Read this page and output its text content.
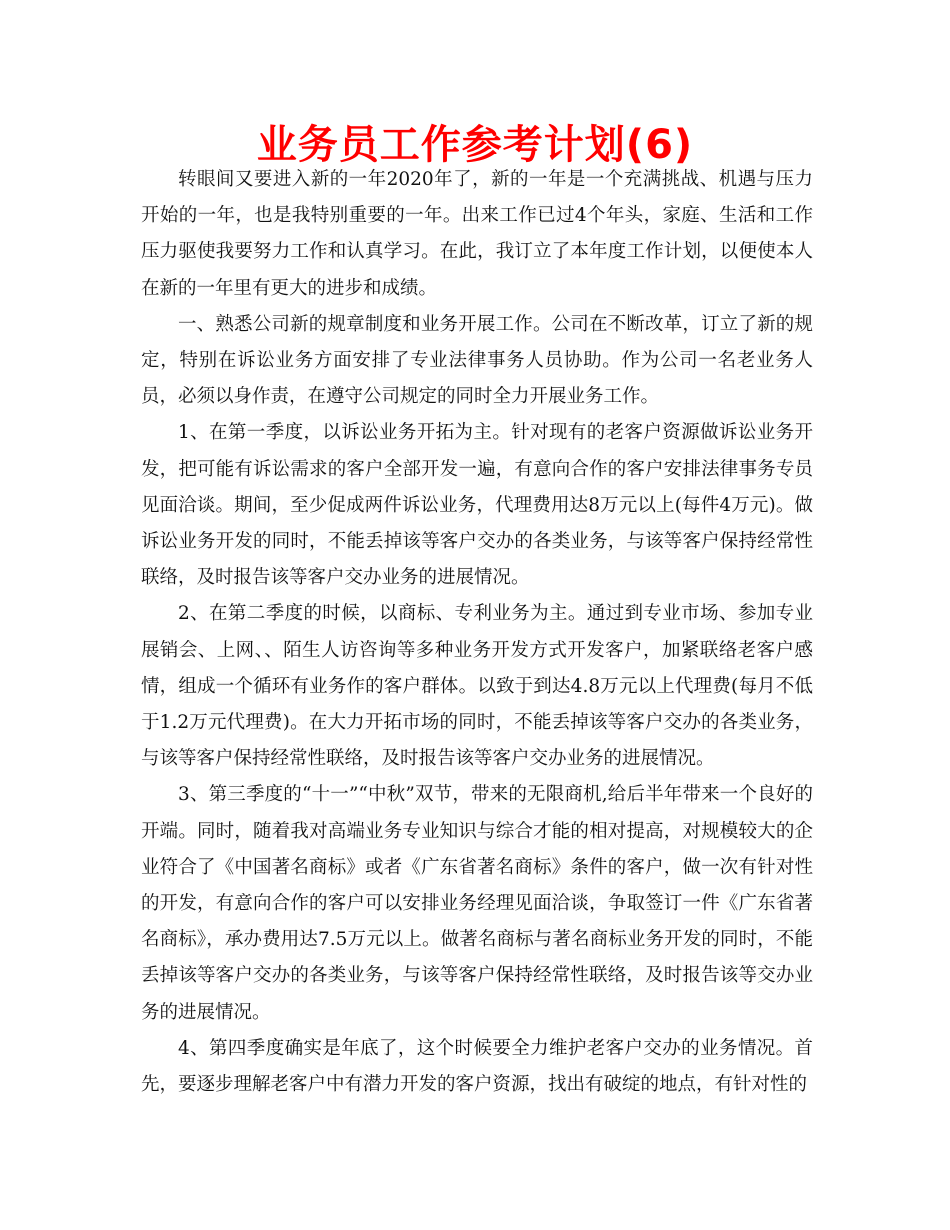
业务员工作参考计划(6)

转眼间又要进入新的一年2020年了，新的一年是一个充满挑战、机遇与压力开始的一年，也是我特别重要的一年。出来工作已过4个年头，家庭、生活和工作压力驱使我要努力工作和认真学习。在此，我订立了本年度工作计划，以便使本人在新的一年里有更大的进步和成绩。

一、熟悉公司新的规章制度和业务开展工作。公司在不断改革，订立了新的规定，特别在诉讼业务方面安排了专业法律事务人员协助。作为公司一名老业务人员，必须以身作责，在遵守公司规定的同时全力开展业务工作。

1、在第一季度，以诉讼业务开拓为主。针对现有的老客户资源做诉讼业务开发，把可能有诉讼需求的客户全部开发一遍，有意向合作的客户安排法律事务专员见面洽谈。期间，至少促成两件诉讼业务，代理费用达8万元以上(每件4万元)。做诉讼业务开发的同时，不能丢掉该等客户交办的各类业务，与该等客户保持经常性联络，及时报告该等客户交办业务的进展情况。

2、在第二季度的时候，以商标、专利业务为主。通过到专业市场、参加专业展销会、上网、、陌生人访咨询等多种业务开发方式开发客户，加紧联络老客户感情，组成一个循环有业务作的客户群体。以致于到达4.8万元以上代理费(每月不低于1.2万元代理费)。在大力开拓市场的同时，不能丢掉该等客户交办的各类业务，与该等客户保持经常性联络，及时报告该等客户交办业务的进展情况。

3、第三季度的“十一”“中秋”双节，带来的无限商机,给后半年带来一个良好的开端。同时，随着我对高端业务专业知识与综合才能的相对提高，对规模较大的企业符合了《中国著名商标》或者《广东省著名商标》条件的客户，做一次有针对性的开发，有意向合作的客户可以安排业务经理见面洽谈，争取签订一件《广东省著名商标》，承办费用达7.5万元以上。做著名商标与著名商标业务开发的同时，不能丢掉该等客户交办的各类业务，与该等客户保持经常性联络，及时报告该等交办业务的进展情况。

4、第四季度确实是年底了，这个时候要全力维护老客户交办的业务情况。首先，要逐步理解老客户中有潜力开发的客户资源，找出有破绽的地点，有针对性的
